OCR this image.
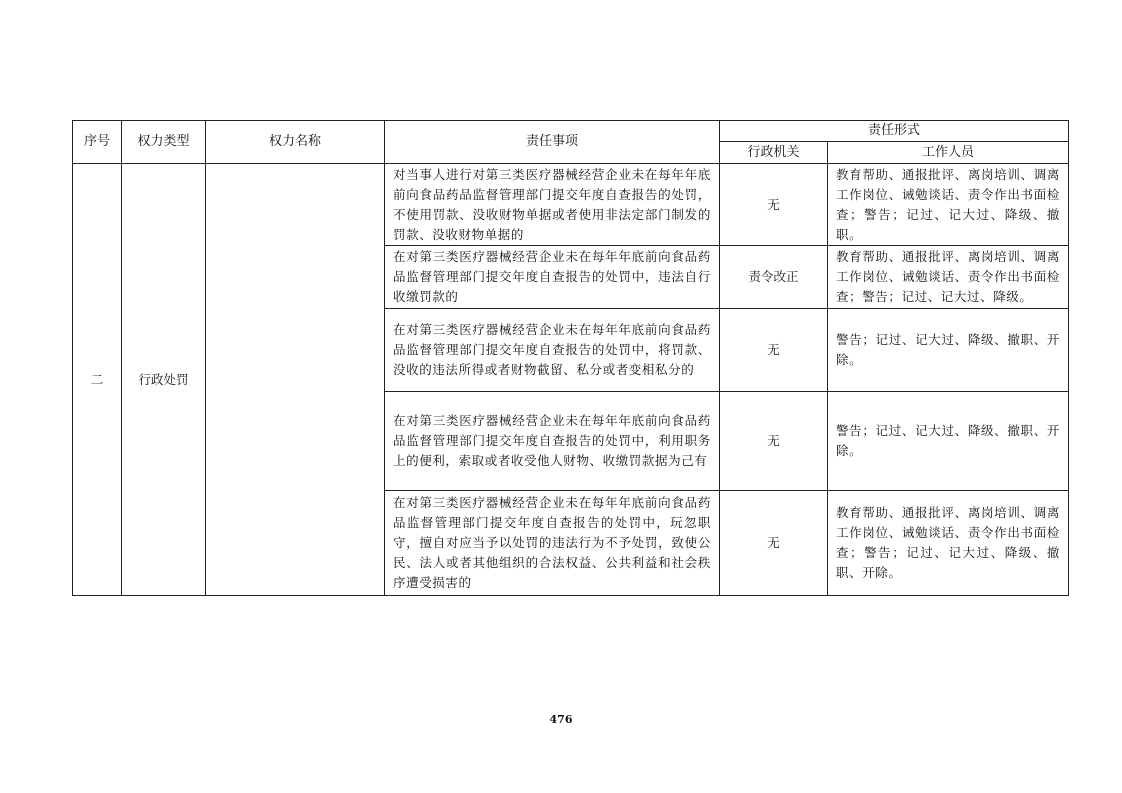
序号	权力类型	权力名称	责任事项	责任形式	
				行政机关	工作人员
二	行政处罚		对当事人进行对第三类医疗器械经营企业未在每年年底前向食品药品监督管理部门提交年度自查报告的处罚，不使用罚款、没收财物单据或者使用非法定部门制发的罚款、没收财物单据的	无	教育帮助、通报批评、离岗培训、调离工作岗位、诫勉谈话、责令作出书面检查；警告；记过、记大过、降级、撤职。
			在对第三类医疗器械经营企业未在每年年底前向食品药品监督管理部门提交年度自查报告的处罚中，违法自行收缴罚款的	责令改正	教育帮助、通报批评、离岗培训、调离工作岗位、诫勉谈话、责令作出书面检查；警告；记过、记大过、降级。
			在对第三类医疗器械经营企业未在每年年底前向食品药品监督管理部门提交年度自查报告的处罚中，将罚款、没收的违法所得或者财物截留、私分或者变相私分的	无	警告；记过、记大过、降级、撤职、开除。
			在对第三类医疗器械经营企业未在每年年底前向食品药品监督管理部门提交年度自查报告的处罚中，利用职务上的便利，索取或者收受他人财物、收缴罚款据为己有	无	警告；记过、记大过、降级、撤职、开除。
			在对第三类医疗器械经营企业未在每年年底前向食品药品监督管理部门提交年度自查报告的处罚中，玩忽职守，擅自对应当予以处罚的违法行为不予处罚，致使公民、法人或者其他组织的合法权益、公共利益和社会秩序遭受损害的	无	教育帮助、通报批评、离岗培训、调离工作岗位、诫勉谈话、责令作出书面检查；警告；记过、记大过、降级、撤职、开除。
476
